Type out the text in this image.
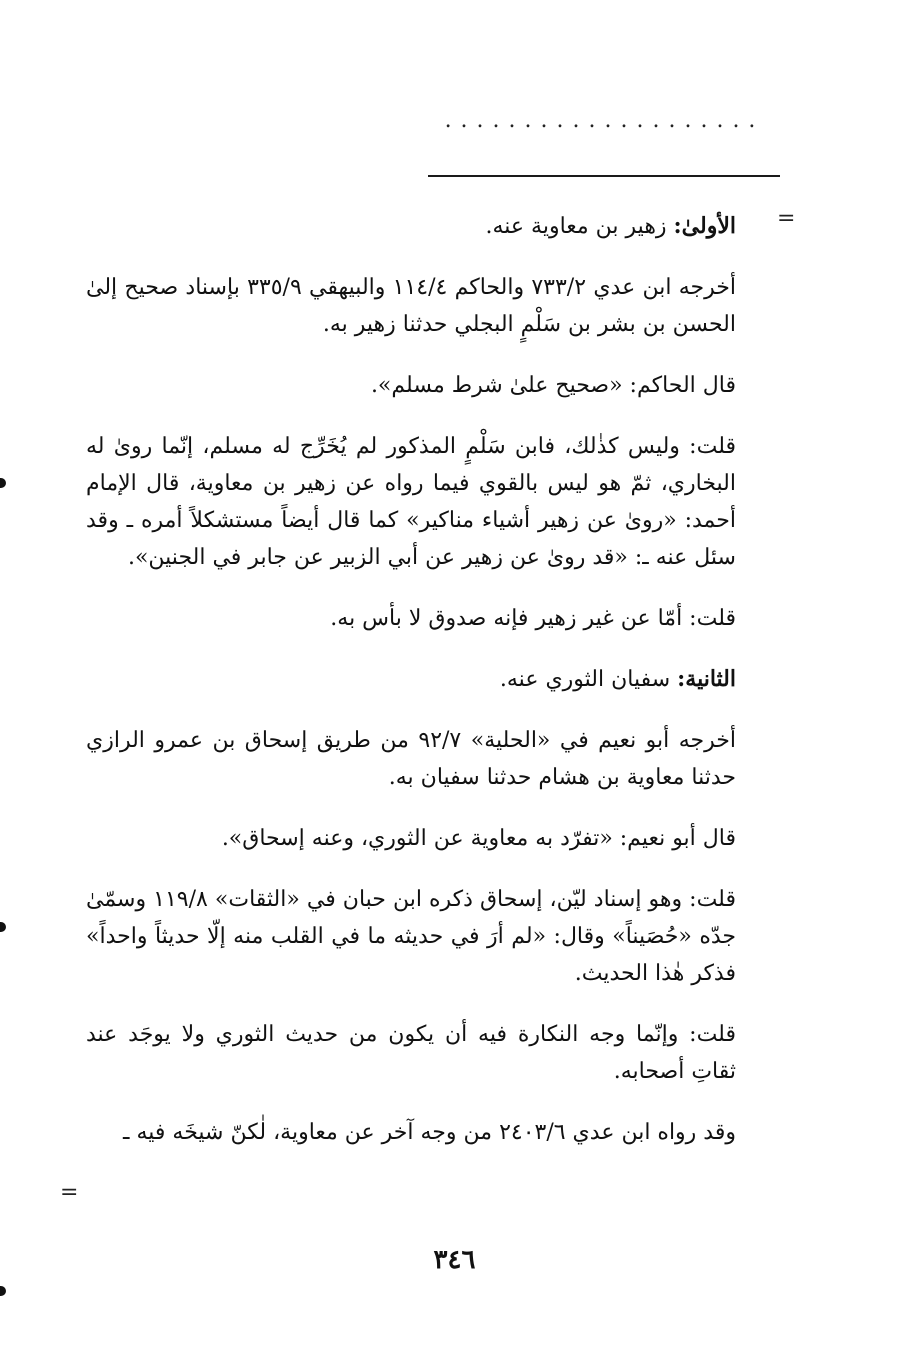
....................
=
=

الأولىٰ: زهير بن معاوية عنه.

أخرجه ابن عدي ٧٣٣/٢ والحاكم ١١٤/٤ والبيهقي ٣٣٥/٩ بإسناد صحيح إلىٰ الحسن بن بشر بن سَلْمٍ البجلي حدثنا زهير به.

قال الحاكم: «صحيح علىٰ شرط مسلم».

قلت: وليس كذٰلك، فابن سَلْمٍ المذكور لم يُخَرِّج له مسلم، إنّما روىٰ له البخاري، ثمّ هو ليس بالقوي فيما رواه عن زهير بن معاوية، قال الإمام أحمد: «روىٰ عن زهير أشياء مناكير» كما قال أيضاً مستشكلاً أمره ـ وقد سئل عنه ـ: «قد روىٰ عن زهير عن أبي الزبير عن جابر في الجنين».

قلت: أمّا عن غير زهير فإنه صدوق لا بأس به.

الثانية: سفيان الثوري عنه.

أخرجه أبو نعيم في «الحلية» ٩٢/٧ من طريق إسحاق بن عمرو الرازي حدثنا معاوية بن هشام حدثنا سفيان به.

قال أبو نعيم: «تفرّد به معاوية عن الثوري، وعنه إسحاق».

قلت: وهو إسناد ليّن، إسحاق ذكره ابن حبان في «الثقات» ١١٩/٨ وسمّىٰ جدّه «حُصَيناً» وقال: «لم أرَ في حديثه ما في القلب منه إلّا حديثاً واحداً» فذكر هٰذا الحديث.

قلت: وإنّما وجه النكارة فيه أن يكون من حديث الثوري ولا يوجَد عند ثقاتِ أصحابه.

وقد رواه ابن عدي ٢٤٠٣/٦ من وجه آخر عن معاوية، لٰكنّ شيخَه فيه ـ

٣٤٦
